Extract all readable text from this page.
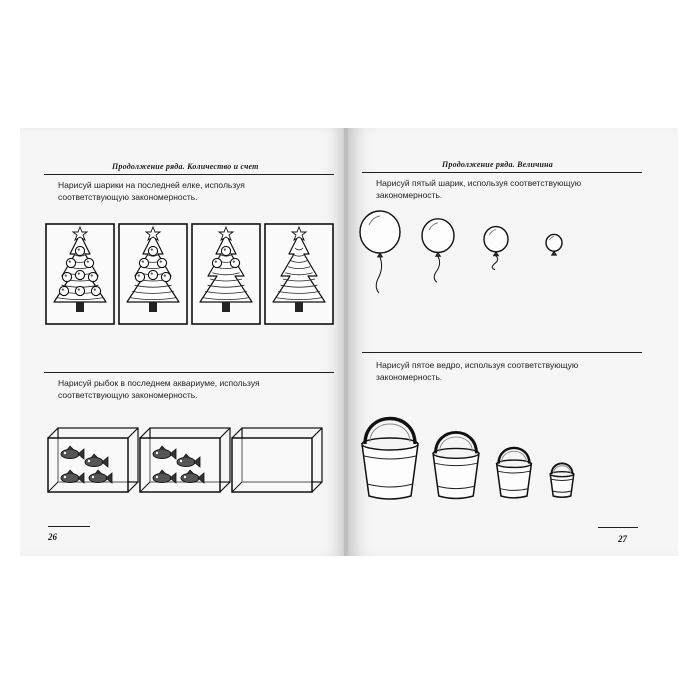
Продолжение ряда. Количество и счет
Нарисуй шарики на последней елке, используя
соответствующую закономерность.
Нарисуй рыбок в последнем аквариуме, используя
соответствующую закономерность.
26
Продолжение ряда. Величина
Нарисуй пятый шарик, используя соответствующую
закономерность.
Нарисуй пятое ведро, используя соответствующую
закономерность.
27
